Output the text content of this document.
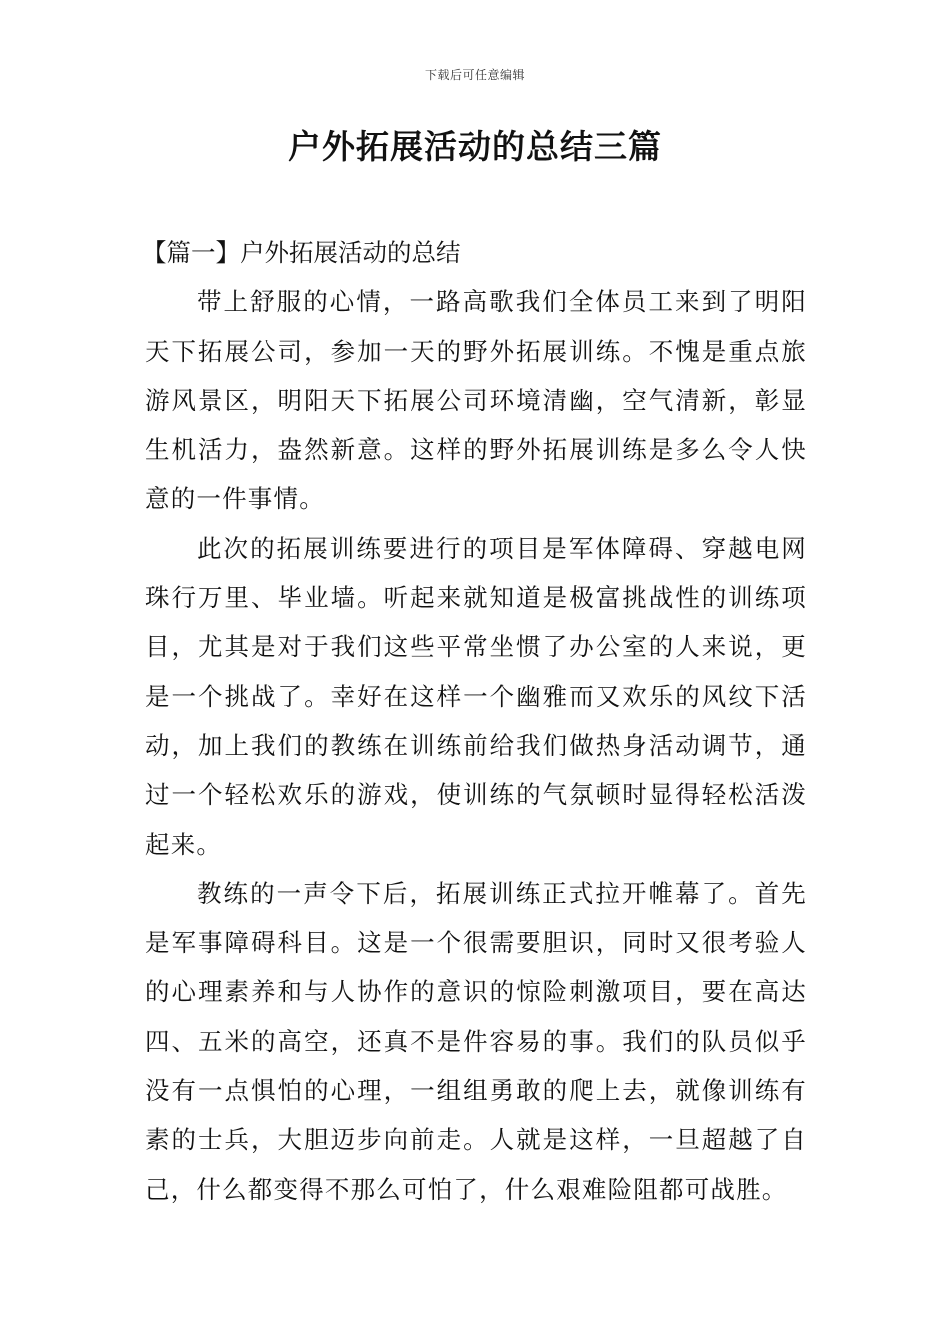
下载后可任意编辑
户外拓展活动的总结三篇
【篇一】户外拓展活动的总结

带上舒服的心情，一路高歌我们全体员工来到了明阳天下拓展公司，参加一天的野外拓展训练。不愧是重点旅游风景区，明阳天下拓展公司环境清幽，空气清新，彰显生机活力，盎然新意。这样的野外拓展训练是多么令人快意的一件事情。

此次的拓展训练要进行的项目是军体障碍、穿越电网珠行万里、毕业墙。听起来就知道是极富挑战性的训练项目，尤其是对于我们这些平常坐惯了办公室的人来说，更是一个挑战了。幸好在这样一个幽雅而又欢乐的风纹下活动，加上我们的教练在训练前给我们做热身活动调节，通过一个轻松欢乐的游戏，使训练的气氛顿时显得轻松活泼起来。

教练的一声令下后，拓展训练正式拉开帷幕了。首先是军事障碍科目。这是一个很需要胆识，同时又很考验人的心理素养和与人协作的意识的惊险刺激项目，要在高达四、五米的高空，还真不是件容易的事。我们的队员似乎没有一点惧怕的心理，一组组勇敢的爬上去，就像训练有素的士兵，大胆迈步向前走。人就是这样，一旦超越了自己，什么都变得不那么可怕了，什么艰难险阻都可战胜。
